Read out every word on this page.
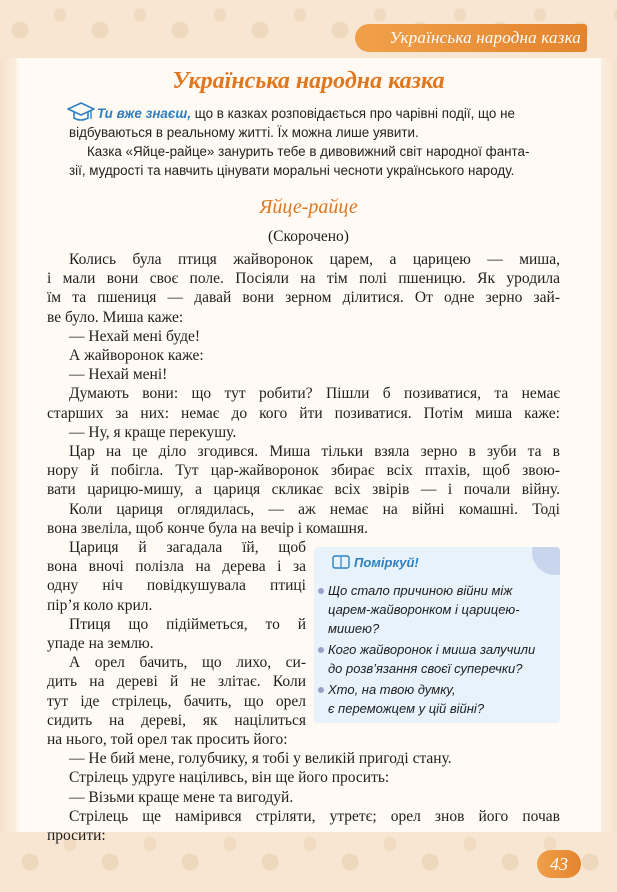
Українська народна казка
Українська народна казка

Ти вже знаєш, що в казках розповідається про чарівні події, що не

відбуваються в реальному житті. Їх можна лише уявити.

Казка «Яйце-райце» занурить тебе в дивовижний світ народної фанта-

зії, мудрості та навчить цінувати моральні чесноти українського народу.

Яйце-райце
(Скорочено)

Колись була птиця жайворонок царем, а царицею — миша,

і мали вони своє поле. Посіяли на тім полі пшеницю. Як уродила

їм та пшениця — давай вони зерном ділитися. От одне зерно зай-

ве було. Миша каже:

— Нехай мені буде!

А жайворонок каже:

— Нехай мені!

Думають вони: що тут робити? Пішли б позиватися, та немає

старших за них: немає до кого йти позиватися. Потім миша каже:

— Ну, я краще перекушу.

Цар на це діло згодився. Миша тільки взяла зерно в зуби та в

нору й побігла. Тут цар-жайворонок збирає всіх птахів, щоб звою-

вати царицю-мишу, а цариця скликає всіх звірів — і почали війну.

Коли цариця оглядилась, — аж немає на війні комашні. Тоді

вона звеліла, щоб конче була на вечір і комашня.

Цариця й загадала їй, щоб

вона вночі полізла на дерева і за

одну ніч повідкушувала птиці

пір’я коло крил.

Птиця що підійметься, то й

упаде на землю.

А орел бачить, що лихо, си-

дить на дереві й не злітає. Коли

тут іде стрілець, бачить, що орел

сидить на дереві, як націлиться

на нього, той орел так просить його:

— Не бий мене, голубчику, я тобі у великій пригоді стану.

Стрілець удруге націливсь, він ще його просить:

— Візьми краще мене та вигодуй.

Стрілець ще намірився стріляти, утретє; орел знов його почав

просити:

Поміркуй!
Що стало причиною війни між
царем-жайворонком і царицею-
мишею?
Кого жайворонок і миша залучили
до розв’язання своєї суперечки?
Хто, на твою думку,
є переможцем у цій війні?
43
